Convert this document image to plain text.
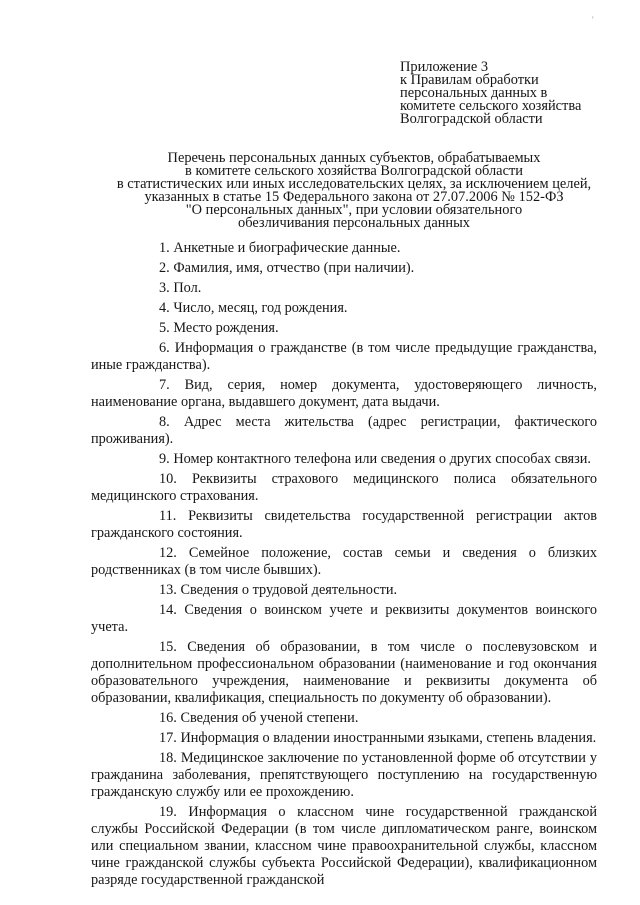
'
Приложение 3
к Правилам обработки
персональных данных в
комитете сельского хозяйства
Волгоградской области
Перечень персональных данных субъектов, обрабатываемых
в комитете сельского хозяйства Волгоградской области
в статистических или иных исследовательских целях, за исключением целей,
указанных в статье 15 Федерального закона от 27.07.2006 № 152-ФЗ
"О персональных данных", при условии обязательного
обезличивания персональных данных
1. Анкетные и биографические данные.
2. Фамилия, имя, отчество (при наличии).
3. Пол.
4. Число, месяц, год рождения.
5. Место рождения.
6. Информация о гражданстве (в том числе предыдущие гражданства, иные гражданства).
7. Вид, серия, номер документа, удостоверяющего личность, наименование органа, выдавшего документ, дата выдачи.
8. Адрес места жительства (адрес регистрации, фактического проживания).
9. Номер контактного телефона или сведения о других способах связи.
10. Реквизиты страхового медицинского полиса обязательного медицинского страхования.
11. Реквизиты свидетельства государственной регистрации актов гражданского состояния.
12. Семейное положение, состав семьи и сведения о близких родственниках (в том числе бывших).
13. Сведения о трудовой деятельности.
14. Сведения о воинском учете и реквизиты документов воинского учета.
15. Сведения об образовании, в том числе о послевузовском и дополнительном профессиональном образовании (наименование и год окончания образовательного учреждения, наименование и реквизиты документа об образовании, квалификация, специальность по документу об образовании).
16. Сведения об ученой степени.
17. Информация о владении иностранными языками, степень владения.
18. Медицинское заключение по установленной форме об отсутствии у гражданина заболевания, препятствующего поступлению на государственную гражданскую службу или ее прохождению.
19. Информация о классном чине государственной гражданской службы Российской Федерации (в том числе дипломатическом ранге, воинском или специальном звании, классном чине правоохранительной службы, классном чине гражданской службы субъекта Российской Федерации), квалификационном разряде государственной гражданской
